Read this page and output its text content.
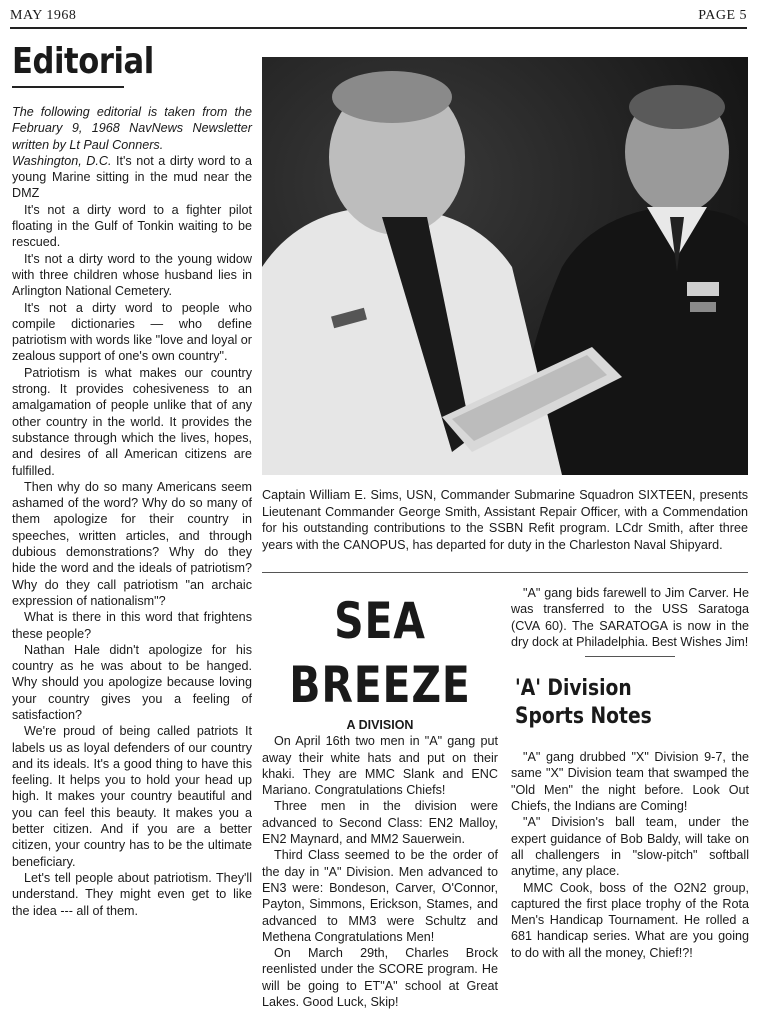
MAY 1968	PAGE 5
Editorial

The following editorial is taken from the February 9, 1968 NavNews Newsletter written by Lt Paul Conners.

Washington, D.C. It's not a dirty word to a young Marine sitting in the mud near the DMZ

It's not a dirty word to a fighter pilot floating in the Gulf of Tonkin waiting to be rescued.

It's not a dirty word to the young widow with three children whose husband lies in Arlington National Cemetery.

It's not a dirty word to people who compile dictionaries — who define patriotism with words like "love and loyal or zealous support of one's own country".

Patriotism is what makes our country strong. It provides cohesiveness to an amalgamation of people unlike that of any other country in the world. It provides the substance through which the lives, hopes, and desires of all American citizens are fulfilled.

Then why do so many Americans seem ashamed of the word? Why do so many of them apologize for their country in speeches, written articles, and through dubious demonstrations? Why do they hide the word and the ideals of patriotism? Why do they call patriotism "an archaic expression of nationalism"?

What is there in this word that frightens these people?

Nathan Hale didn't apologize for his country as he was about to be hanged. Why should you apologize because loving your country gives you a feeling of satisfaction?

We're proud of being called patriots It labels us as loyal defenders of our country and its ideals. It's a good thing to have this feeling. It helps you to hold your head up high. It makes your country beautiful and you can feel this beauty. It makes you a better citizen. And if you are a better citizen, your country has to be the ultimate beneficiary.

Let's tell people about patriotism. They'll understand. They might even get to like the idea --- all of them.

Captain William E. Sims, USN, Commander Submarine Squadron SIXTEEN, presents Lieutenant Commander George Smith, Assistant Repair Officer, with a Commendation for his outstanding contributions to the SSBN Refit program. LCdr Smith, after three years with the CANOPUS, has departed for duty in the Charleston Naval Shipyard.
SEA BREEZE

A DIVISION

On April 16th two men in "A" gang put away their white hats and put on their khaki. They are MMC Slank and ENC Mariano. Congratulations Chiefs!

Three men in the division were advanced to Second Class: EN2 Malloy, EN2 Maynard, and MM2 Sauerwein.

Third Class seemed to be the order of the day in "A" Division. Men advanced to EN3 were: Bondeson, Carver, O'Connor, Payton, Simmons, Erickson, Stames, and advanced to MM3 were Schultz and Methena Congratulations Men!

On March 29th, Charles Brock reenlisted under the SCORE program. He will be going to ET"A" school at Great Lakes. Good Luck, Skip!

"A" gang bids farewell to Jim Carver. He was transferred to the USS Saratoga (CVA 60). The SARATOGA is now in the dry dock at Philadelphia. Best Wishes Jim!

'A' Division
Sports Notes

"A" gang drubbed "X" Division 9-7, the same "X" Division team that swamped the "Old Men" the night before. Look Out Chiefs, the Indians are Coming!

"A" Division's ball team, under the expert guidance of Bob Baldy, will take on all challengers in "slow-pitch" softball anytime, any place.

MMC Cook, boss of the O2N2 group, captured the first place trophy of the Rota Men's Handicap Tournament. He rolled a 681 handicap series. What are you going to do with all the money, Chief!?!
